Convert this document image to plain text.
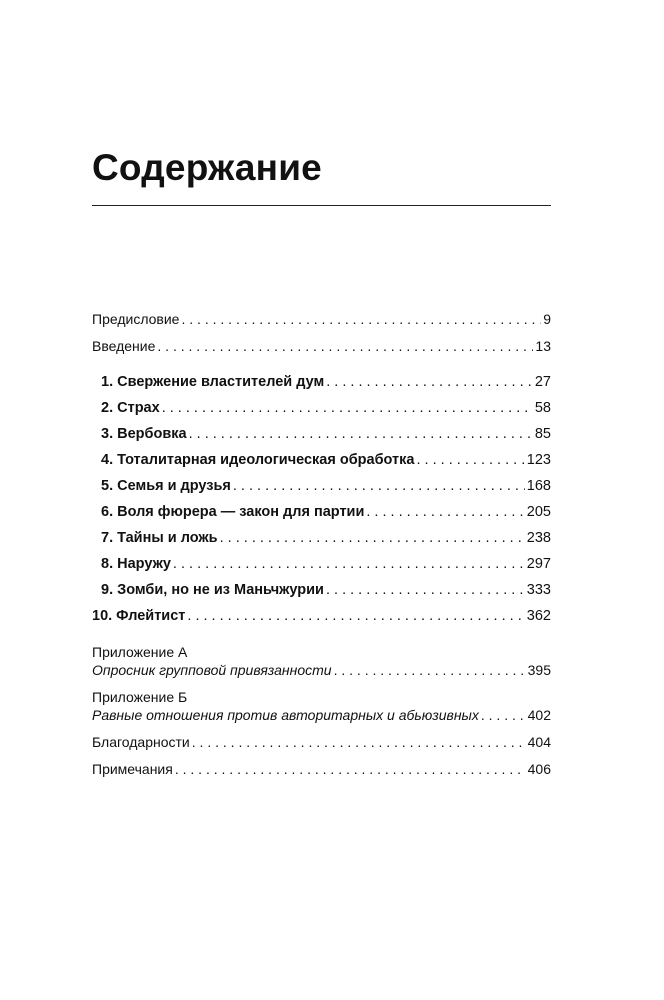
Содержание
Предисловие . . .	9
Введение . . .	13
1. Свержение властителей дум . . .	27
2. Страх . . .	58
3. Вербовка . . .	85
4. Тоталитарная идеологическая обработка . . .	123
5. Семья и друзья . . .	168
6. Воля фюрера — закон для партии . . .	205
7. Тайны и ложь . . .	238
8. Наружу . . .	297
9. Зомби, но не из Маньчжурии . . .	333
10. Флейтист . . .	362
Приложение А
Опросник групповой привязанности . . .	395
Приложение Б
Равные отношения против авторитарных и абьюзивных . . .	402
Благодарности . . .	404
Примечания . . .	406
